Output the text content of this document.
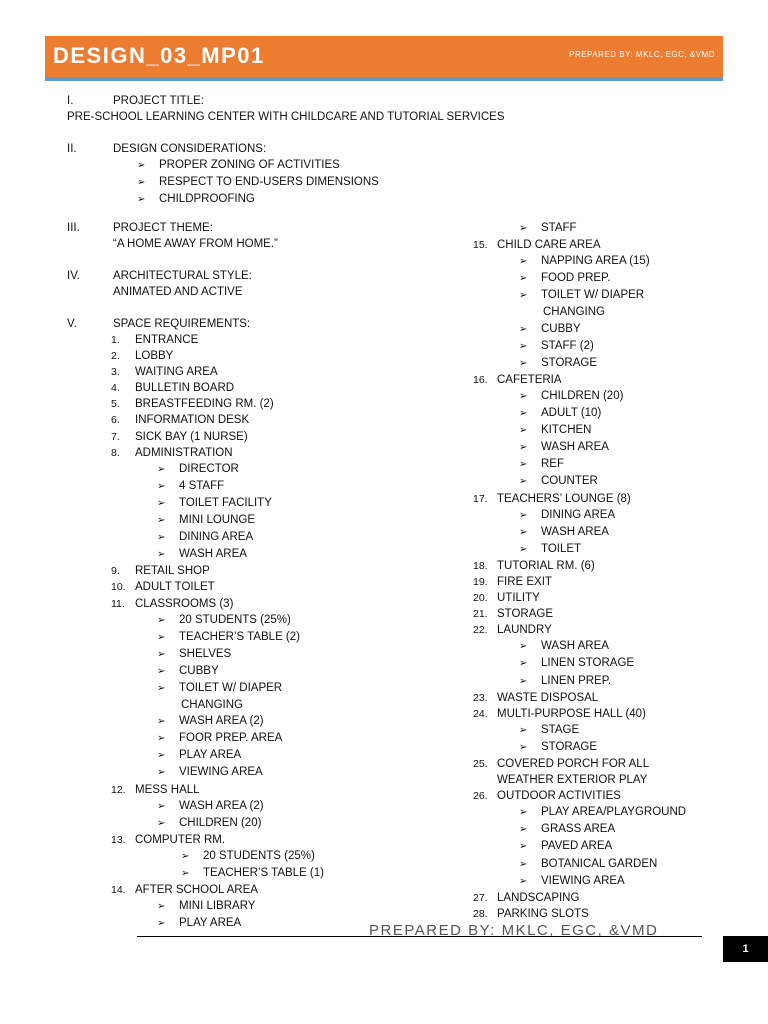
DESIGN_03_MP01	PREPARED BY: MKLC, EGC, &VMD
I.	PROJECT TITLE:
PRE-SCHOOL LEARNING CENTER WITH CHILDCARE AND TUTORIAL SERVICES
II.	DESIGN CONSIDERATIONS:
➢ PROPER ZONING OF ACTIVITIES
➢ RESPECT TO END-USERS DIMENSIONS
➢ CHILDPROOFING
III.	PROJECT THEME:
“A HOME AWAY FROM HOME.”
IV.	ARCHITECTURAL STYLE:
ANIMATED AND ACTIVE
V.	SPACE REQUIREMENTS:
1. ENTRANCE
2. LOBBY
3. WAITING AREA
4. BULLETIN BOARD
5. BREASTFEEDING RM. (2)
6. INFORMATION DESK
7. SICK BAY (1 NURSE)
8. ADMINISTRATION
➢ DIRECTOR
➢ 4 STAFF
➢ TOILET FACILITY
➢ MINI LOUNGE
➢ DINING AREA
➢ WASH AREA
9. RETAIL SHOP
10. ADULT TOILET
11. CLASSROOMS (3)
➢ 20 STUDENTS (25%)
➢ TEACHER’S TABLE (2)
➢ SHELVES
➢ CUBBY
➢ TOILET W/ DIAPER
CHANGING
➢ WASH AREA (2)
➢ FOOR PREP. AREA
➢ PLAY AREA
➢ VIEWING AREA
12. MESS HALL
➢ WASH AREA (2)
➢ CHILDREN (20)
13. COMPUTER RM.
➢ 20 STUDENTS (25%)
➢ TEACHER’S TABLE (1)
14. AFTER SCHOOL AREA
➢ MINI LIBRARY
➢ PLAY AREA
➢ STAFF
15. CHILD CARE AREA
➢ NAPPING AREA (15)
➢ FOOD PREP.
➢ TOILET W/ DIAPER
CHANGING
➢ CUBBY
➢ STAFF (2)
➢ STORAGE
16. CAFETERIA
➢ CHILDREN (20)
➢ ADULT (10)
➢ KITCHEN
➢ WASH AREA
➢ REF
➢ COUNTER
17. TEACHERS’ LOUNGE (8)
➢ DINING AREA
➢ WASH AREA
➢ TOILET
18. TUTORIAL RM. (6)
19. FIRE EXIT
20. UTILITY
21. STORAGE
22. LAUNDRY
➢ WASH AREA
➢ LINEN STORAGE
➢ LINEN PREP.
23. WASTE DISPOSAL
24. MULTI-PURPOSE HALL (40)
➢ STAGE
➢ STORAGE
25. COVERED PORCH FOR ALL
WEATHER EXTERIOR PLAY
26. OUTDOOR ACTIVITIES
➢ PLAY AREA/PLAYGROUND
➢ GRASS AREA
➢ PAVED AREA
➢ BOTANICAL GARDEN
➢ VIEWING AREA
27. LANDSCAPING
28. PARKING SLOTS
PREPARED BY: MKLC, EGC, &VMD
1
